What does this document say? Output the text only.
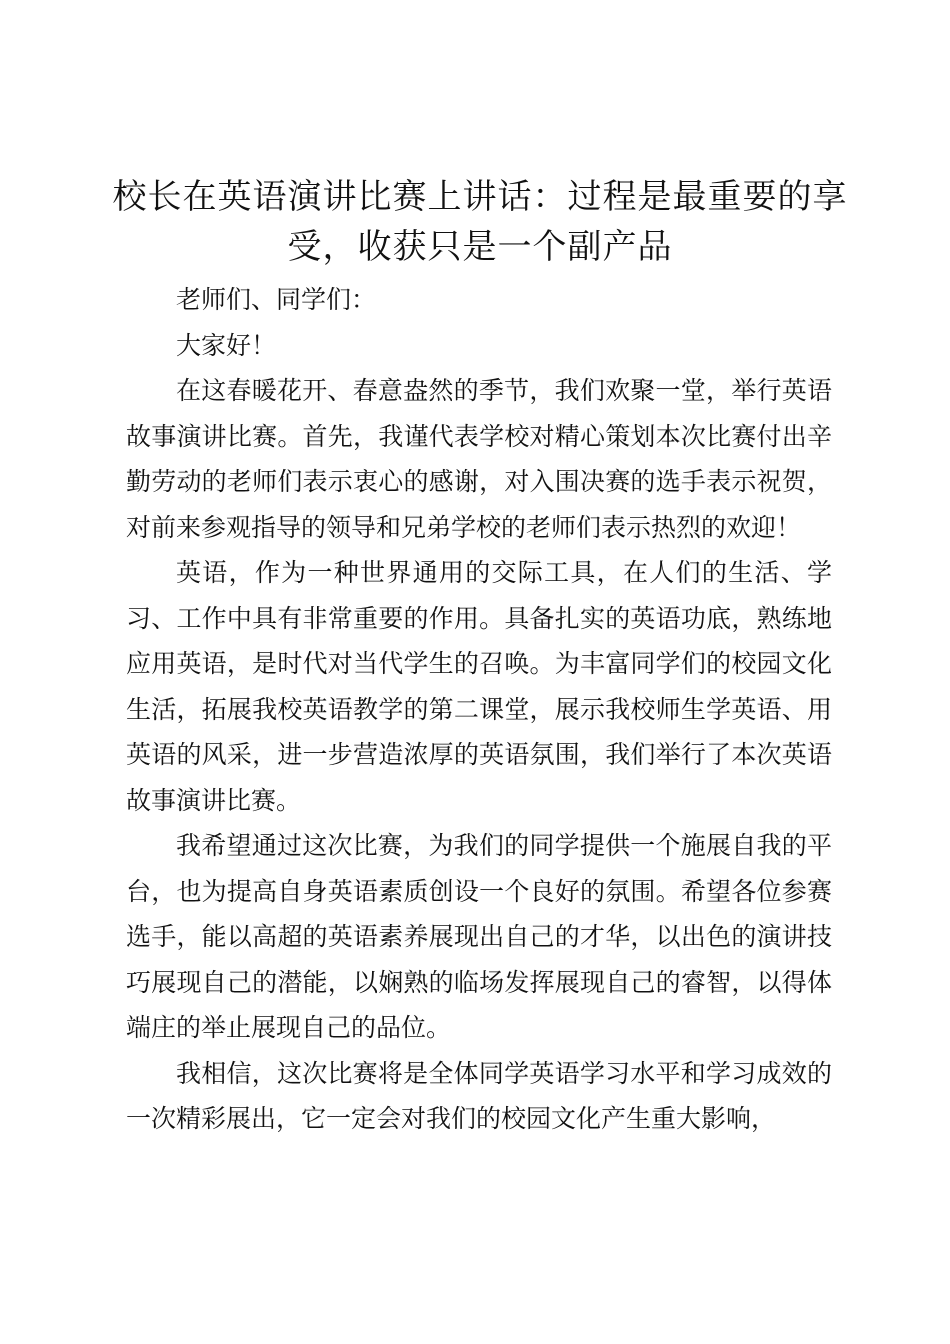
校长在英语演讲比赛上讲话：过程是最重要的享受，收获只是一个副产品

老师们、同学们：

大家好！

在这春暖花开、春意盎然的季节，我们欢聚一堂，举行英语故事演讲比赛。首先，我谨代表学校对精心策划本次比赛付出辛勤劳动的老师们表示衷心的感谢，对入围决赛的选手表示祝贺，对前来参观指导的领导和兄弟学校的老师们表示热烈的欢迎！

英语，作为一种世界通用的交际工具，在人们的生活、学习、工作中具有非常重要的作用。具备扎实的英语功底，熟练地应用英语，是时代对当代学生的召唤。为丰富同学们的校园文化生活，拓展我校英语教学的第二课堂，展示我校师生学英语、用英语的风采，进一步营造浓厚的英语氛围，我们举行了本次英语故事演讲比赛。

我希望通过这次比赛，为我们的同学提供一个施展自我的平台，也为提高自身英语素质创设一个良好的氛围。希望各位参赛选手，能以高超的英语素养展现出自己的才华，以出色的演讲技巧展现自己的潜能，以娴熟的临场发挥展现自己的睿智，以得体端庄的举止展现自己的品位。

我相信，这次比赛将是全体同学英语学习水平和学习成效的一次精彩展出，它一定会对我们的校园文化产生重大影响，
